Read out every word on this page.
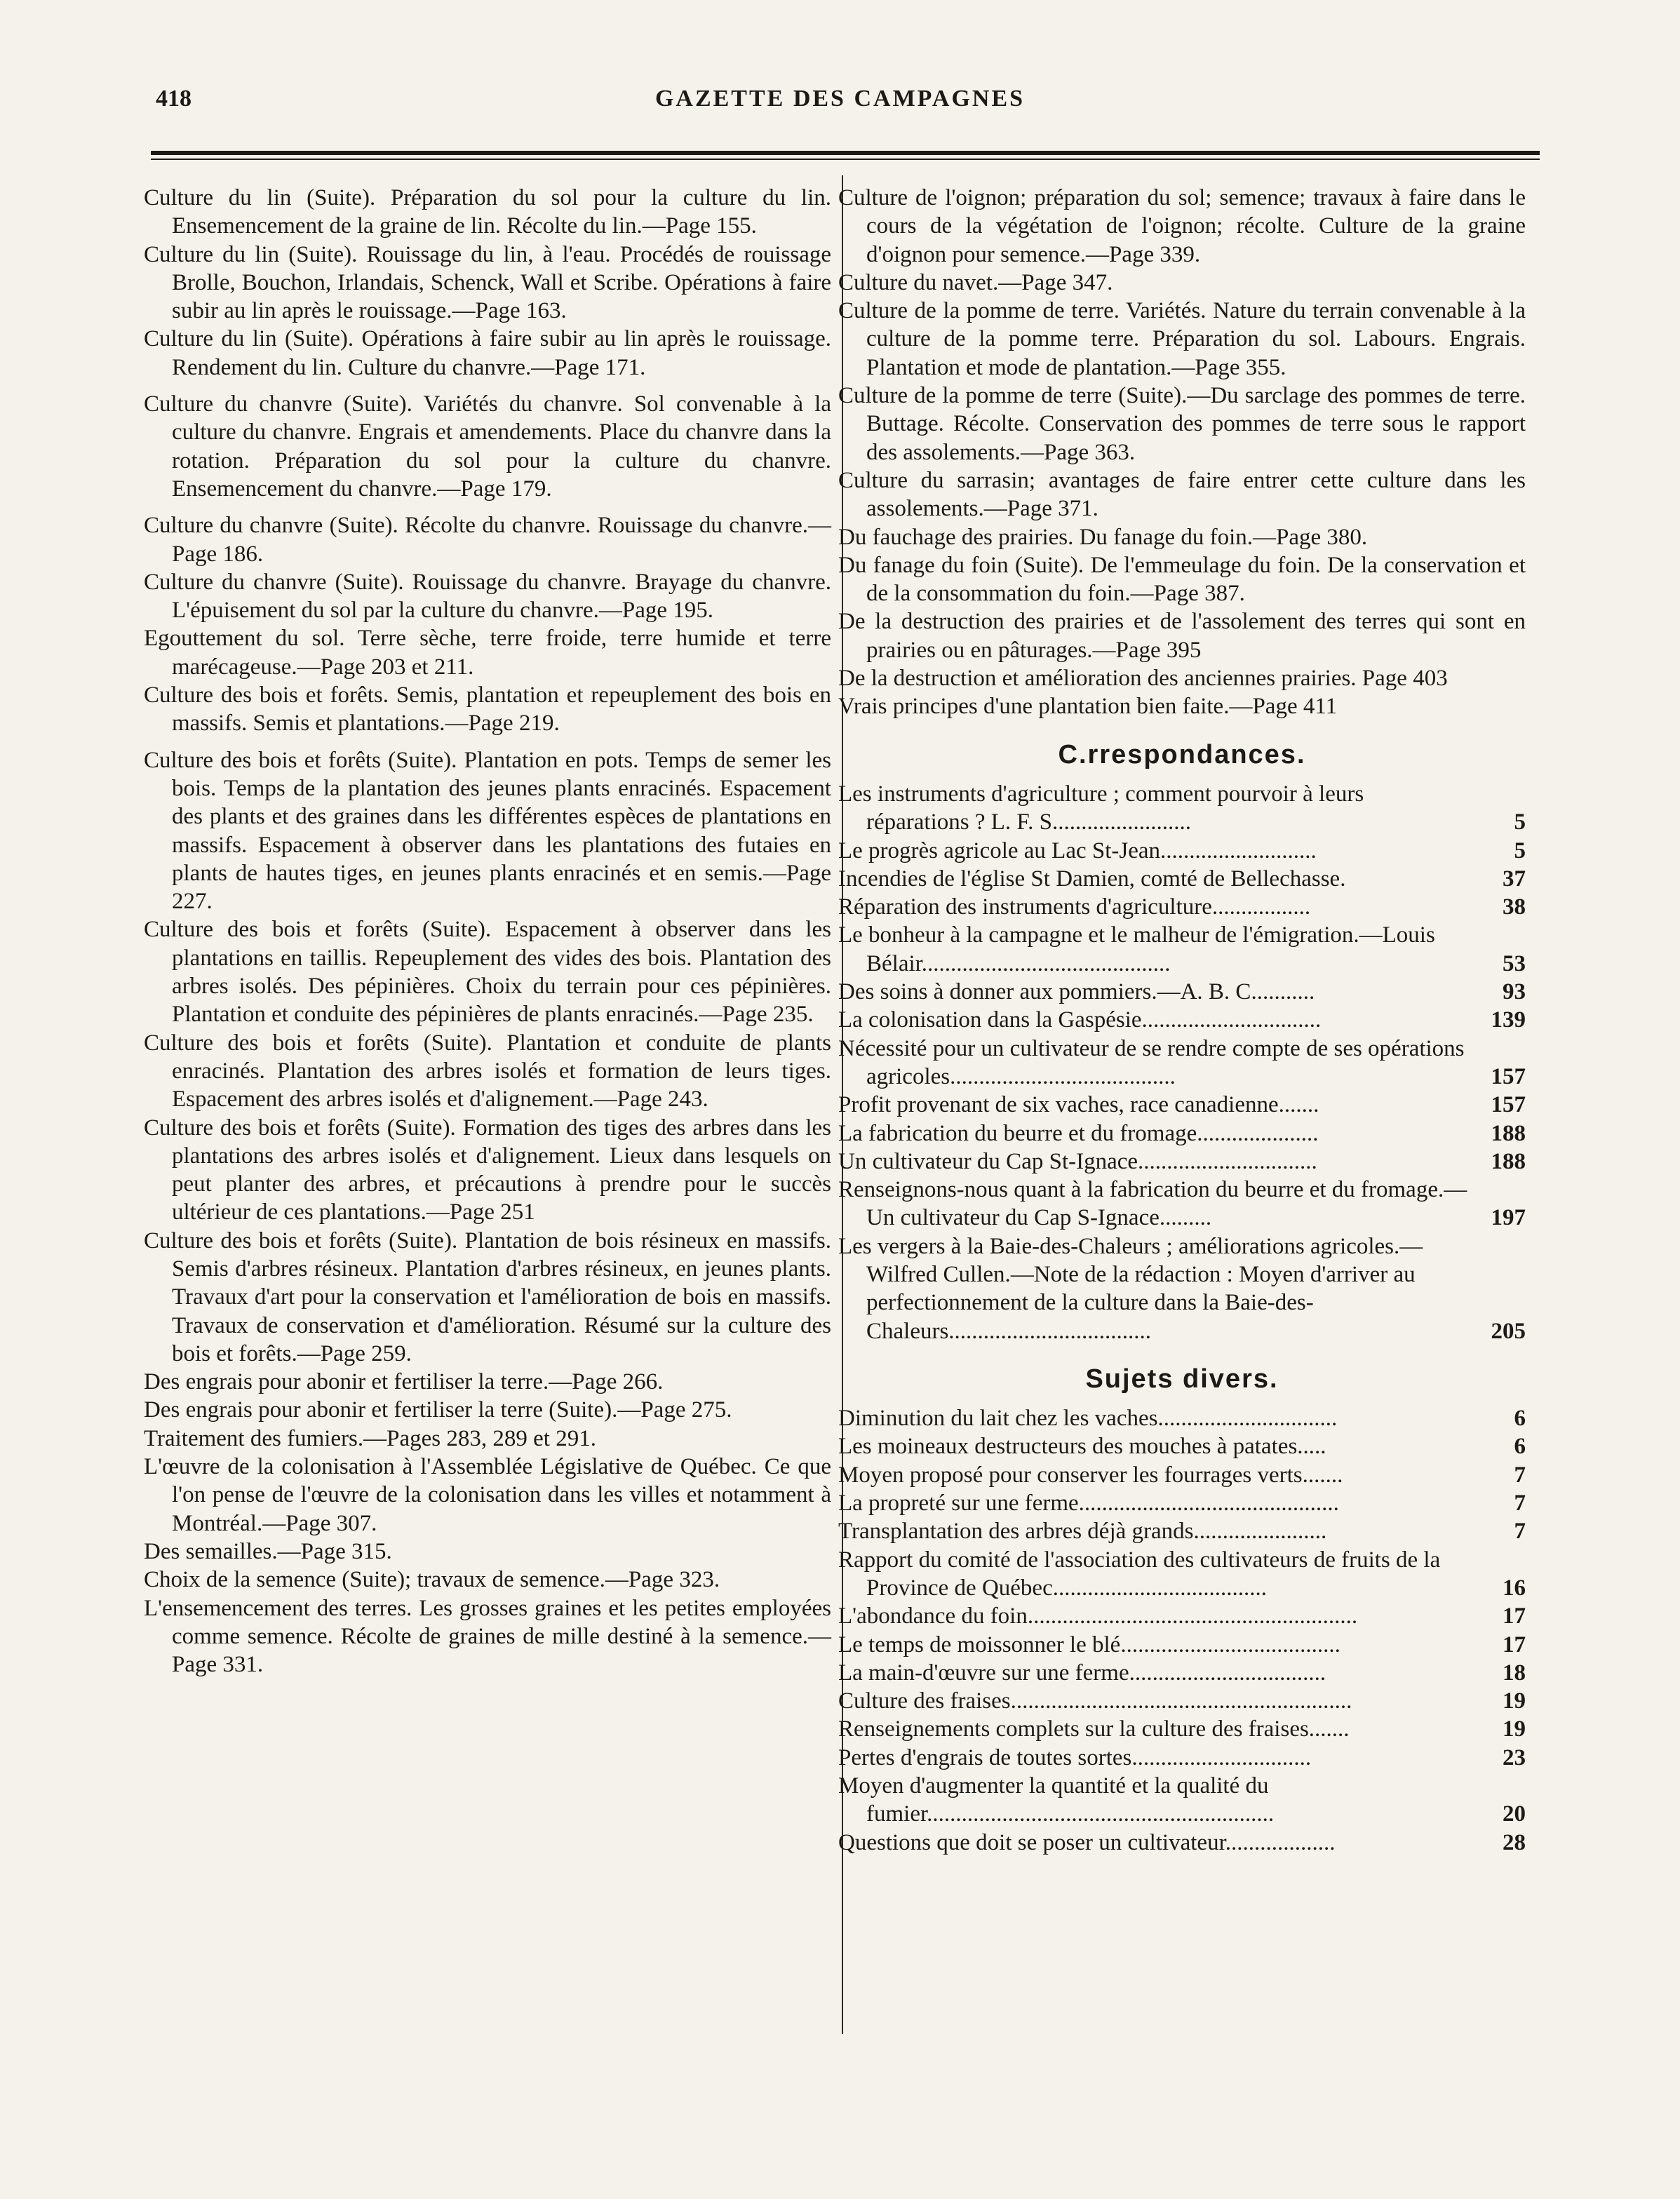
418	GAZETTE DES CAMPAGNES

Culture du lin (Suite). Préparation du sol pour la culture du lin. Ensemencement de la graine de lin. Récolte du lin.—Page 155.

Culture du lin (Suite). Rouissage du lin, à l'eau. Procédés de rouissage Brolle, Bouchon, Irlandais, Schenck, Wall et Scribe. Opérations à faire subir au lin après le rouissage.—Page 163.

Culture du lin (Suite). Opérations à faire subir au lin après le rouissage. Rendement du lin. Culture du chanvre.—Page 171.

Culture du chanvre (Suite). Variétés du chanvre. Sol convenable à la culture du chanvre. Engrais et amendements. Place du chanvre dans la rotation. Préparation du sol pour la culture du chanvre. Ensemencement du chanvre.—Page 179.

Culture du chanvre (Suite). Récolte du chanvre. Rouissage du chanvre.—Page 186.

Culture du chanvre (Suite). Rouissage du chanvre. Brayage du chanvre. L'épuisement du sol par la culture du chanvre.—Page 195.

Egouttement du sol. Terre sèche, terre froide, terre humide et terre marécageuse.—Page 203 et 211.

Culture des bois et forêts. Semis, plantation et repeuplement des bois en massifs. Semis et plantations.—Page 219.

Culture des bois et forêts (Suite). Plantation en pots. Temps de semer les bois. Temps de la plantation des jeunes plants enracinés. Espacement des plants et des graines dans les différentes espèces de plantations en massifs. Espacement à observer dans les plantations des futaies en plants de hautes tiges, en jeunes plants enracinés et en semis.—Page 227.

Culture des bois et forêts (Suite). Espacement à observer dans les plantations en taillis. Repeuplement des vides des bois. Plantation des arbres isolés. Des pépinières. Choix du terrain pour ces pépinières. Plantation et conduite des pépinières de plants enracinés.—Page 235.

Culture des bois et forêts (Suite). Plantation et conduite de plants enracinés. Plantation des arbres isolés et formation de leurs tiges. Espacement des arbres isolés et d'alignement.—Page 243.

Culture des bois et forêts (Suite). Formation des tiges des arbres dans les plantations des arbres isolés et d'alignement. Lieux dans lesquels on peut planter des arbres, et précautions à prendre pour le succès ultérieur de ces plantations.—Page 251

Culture des bois et forêts (Suite). Plantation de bois résineux en massifs. Semis d'arbres résineux. Plantation d'arbres résineux, en jeunes plants. Travaux d'art pour la conservation et l'amélioration de bois en massifs. Travaux de conservation et d'amélioration. Résumé sur la culture des bois et forêts.—Page 259.

Des engrais pour abonir et fertiliser la terre.—Page 266.

Des engrais pour abonir et fertiliser la terre (Suite).—Page 275.

Traitement des fumiers.—Pages 283, 289 et 291.

L'œuvre de la colonisation à l'Assemblée Législative de Québec. Ce que l'on pense de l'œuvre de la colonisation dans les villes et notamment à Montréal.—Page 307.

Des semailles.—Page 315.

Choix de la semence (Suite); travaux de semence.—Page 323.

L'ensemencement des terres. Les grosses graines et les petites employées comme semence. Récolte de graines de mille destiné à la semence.—Page 331.

Culture de l'oignon; préparation du sol; semence; travaux à faire dans le cours de la végétation de l'oignon; récolte. Culture de la graine d'oignon pour semence.—Page 339.

Culture du navet.—Page 347.

Culture de la pomme de terre. Variétés. Nature du terrain convenable à la culture de la pomme terre. Préparation du sol. Labours. Engrais. Plantation et mode de plantation.—Page 355.

Culture de la pomme de terre (Suite).—Du sarclage des pommes de terre. Buttage. Récolte. Conservation des pommes de terre sous le rapport des assolements.—Page 363.

Culture du sarrasin; avantages de faire entrer cette culture dans les assolements.—Page 371.

Du fauchage des prairies. Du fanage du foin.—Page 380.

Du fanage du foin (Suite). De l'emmeulage du foin. De la conservation et de la consommation du foin.—Page 387.

De la destruction des prairies et de l'assolement des terres qui sont en prairies ou en pâturages.—Page 395

De la destruction et amélioration des anciennes prairies. Page 403

Vrais principes d'une plantation bien faite.—Page 411

C.rrespondances.
Les instruments d'agriculture ; comment pourvoir à leurs réparations ? L. F. S........................	5
Le progrès agricole au Lac St-Jean...........................	5
Incendies de l'église St Damien, comté de Bellechasse.	37
Réparation des instruments d'agriculture.................	38
Le bonheur à la campagne et le malheur de l'émigration.—Louis Bélair...........................................	53
Des soins à donner aux pommiers.—A. B. C...........	93
La colonisation dans la Gaspésie...............................	139
Nécessité pour un cultivateur de se rendre compte de ses opérations agricoles.......................................	157
Profit provenant de six vaches, race canadienne.......	157
La fabrication du beurre et du fromage.....................	188
Un cultivateur du Cap St-Ignace...............................	188
Renseignons-nous quant à la fabrication du beurre et du fromage.—Un cultivateur du Cap S-Ignace.........	197
Les vergers à la Baie-des-Chaleurs ; améliorations agricoles.—Wilfred Cullen.—Note de la rédaction : Moyen d'arriver au perfectionnement de la culture dans la Baie-des-Chaleurs...................................	205
Sujets divers.
Diminution du lait chez les vaches...............................	6
Les moineaux destructeurs des mouches à patates.....	6
Moyen proposé pour conserver les fourrages verts.......	7
La propreté sur une ferme.............................................	7
Transplantation des arbres déjà grands.......................	7
Rapport du comité de l'association des cultivateurs de fruits de la Province de Québec.....................................	16
L'abondance du foin.........................................................	17
Le temps de moissonner le blé......................................	17
La main-d'œuvre sur une ferme..................................	18
Culture des fraises...........................................................	19
Renseignements complets sur la culture des fraises.......	19
Pertes d'engrais de toutes sortes...............................	23
Moyen d'augmenter la quantité et la qualité du fumier............................................................	20
Questions que doit se poser un cultivateur...................	28
